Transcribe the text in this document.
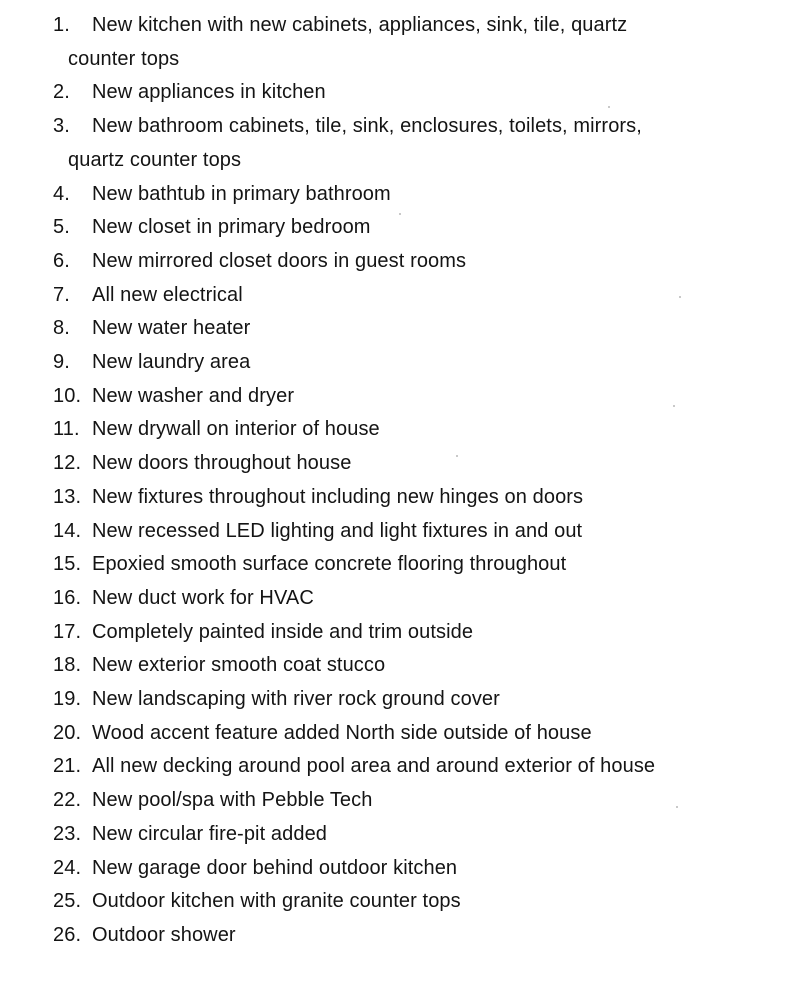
1.	New kitchen with new cabinets, appliances, sink, tile, quartz
counter tops
2.	New appliances in kitchen
3.	New bathroom cabinets, tile, sink, enclosures, toilets, mirrors,
quartz counter tops
4.	New bathtub in primary bathroom
5.	New closet in primary bedroom
6.	New mirrored closet doors in guest rooms
7.	All new electrical
8.	New water heater
9.	New laundry area
10. New washer and dryer
11. New drywall on interior of house
12. New doors throughout house
13. New fixtures throughout including new hinges on doors
14. New recessed LED lighting and light fixtures in and out
15. Epoxied smooth surface concrete flooring throughout
16. New duct work for HVAC
17. Completely painted inside and trim outside
18. New exterior smooth coat stucco
19. New landscaping with river rock ground cover
20. Wood accent feature added North side outside of house
21. All new decking around pool area and around exterior of house
22. New pool/spa with Pebble Tech
23. New circular fire-pit added
24. New garage door behind outdoor kitchen
25. Outdoor kitchen with granite counter tops
26. Outdoor shower
